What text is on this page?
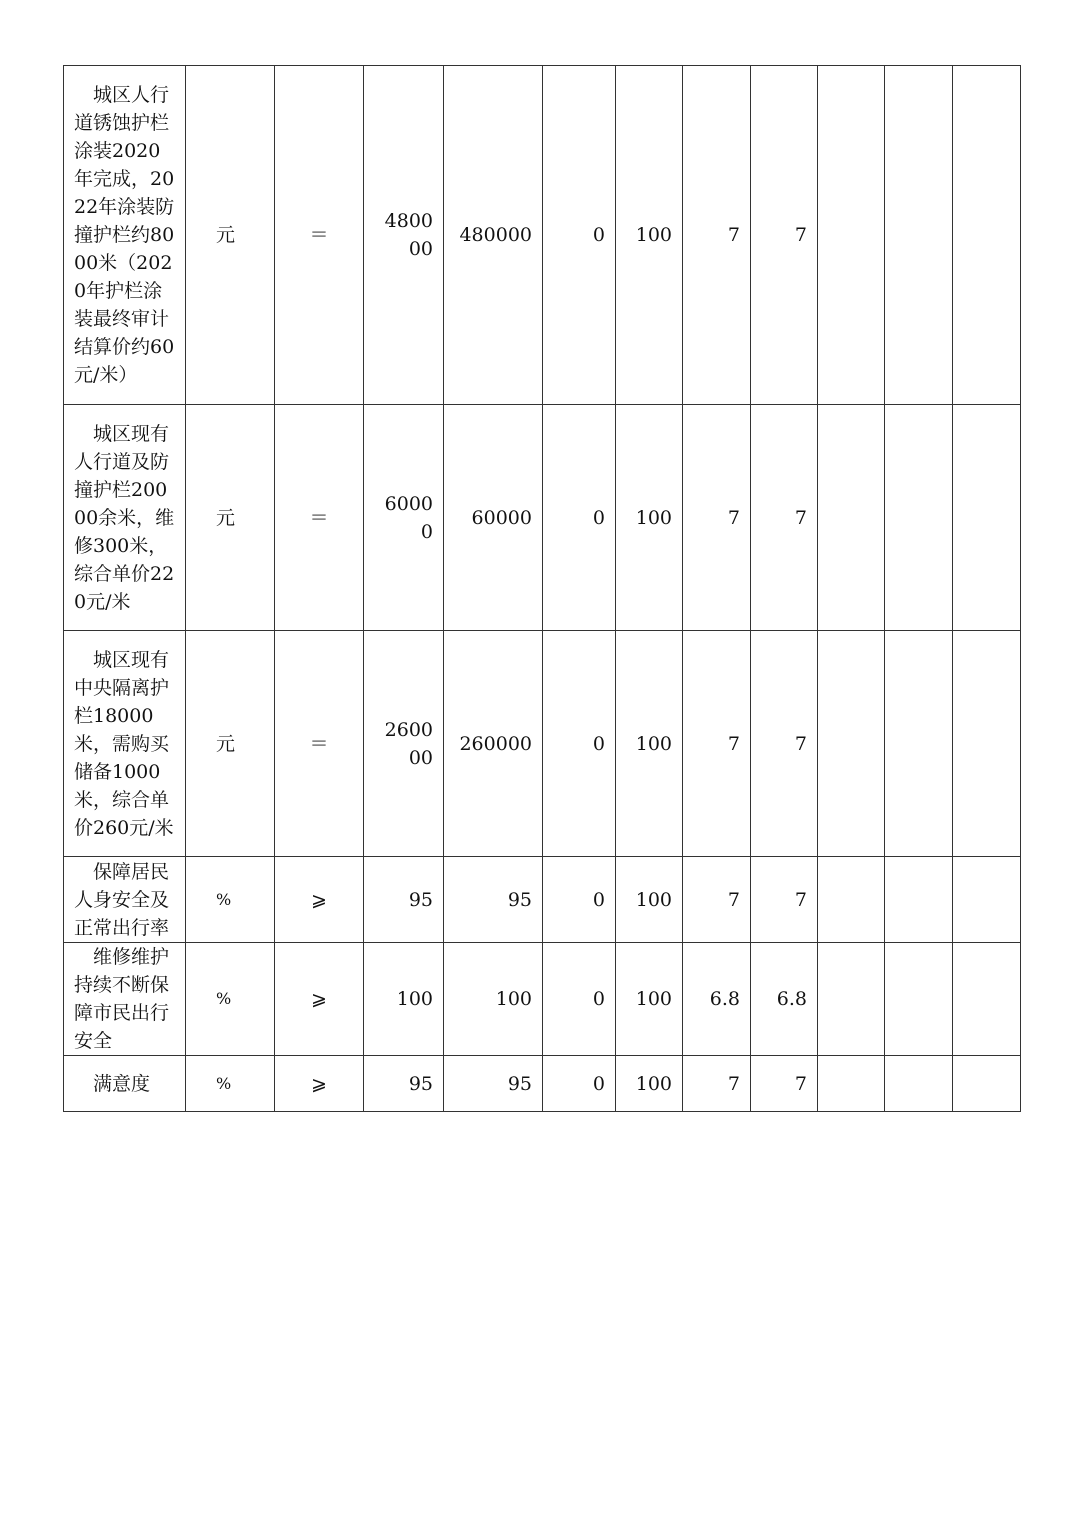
城区人行道锈蚀护栏涂装2020年完成，2022年涂装防撞护栏约8000米（2020年护栏涂装最终审计结算价约60元/米）	元	＝	480000	480000	0	100	7	7			
城区现有人行道及防撞护栏20000余米，维修300米，综合单价220元/米	元	＝	60000	60000	0	100	7	7			
城区现有中央隔离护栏18000米，需购买储备1000米，综合单价260元/米	元	＝	260000	260000	0	100	7	7			
保障居民人身安全及正常出行率	%	⩾	95	95	0	100	7	7			
维修维护持续不断保障市民出行安全	%	⩾	100	100	0	100	6.8	6.8			
满意度	%	⩾	95	95	0	100	7	7			
